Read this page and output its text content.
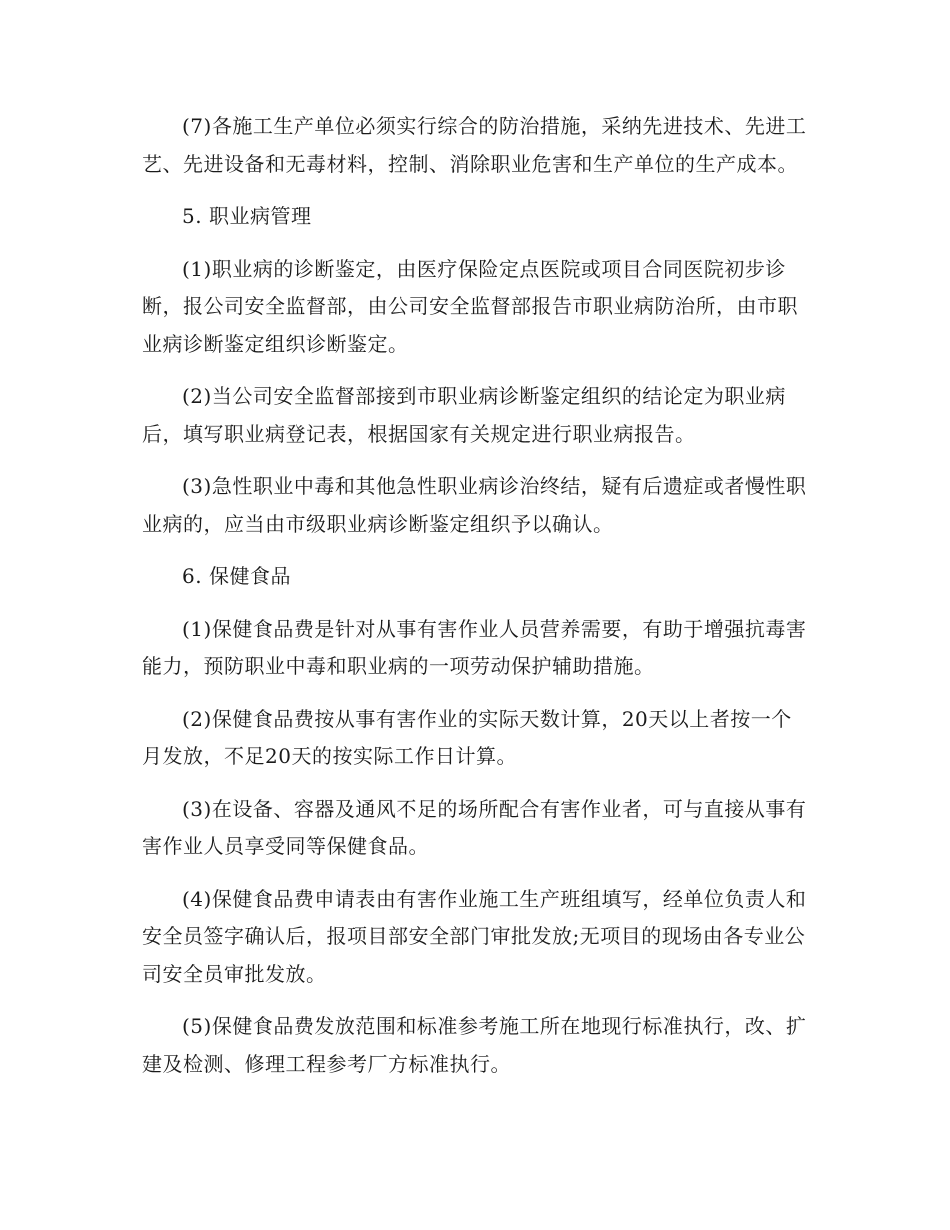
(7)各施工生产单位必须实行综合的防治措施，采纳先进技术、先进工艺、先进设备和无毒材料，控制、消除职业危害和生产单位的生产成本。

5. 职业病管理

(1)职业病的诊断鉴定，由医疗保险定点医院或项目合同医院初步诊断，报公司安全监督部，由公司安全监督部报告市职业病防治所，由市职业病诊断鉴定组织诊断鉴定。

(2)当公司安全监督部接到市职业病诊断鉴定组织的结论定为职业病后，填写职业病登记表，根据国家有关规定进行职业病报告。

(3)急性职业中毒和其他急性职业病诊治终结，疑有后遗症或者慢性职业病的，应当由市级职业病诊断鉴定组织予以确认。

6. 保健食品

(1)保健食品费是针对从事有害作业人员营养需要，有助于增强抗毒害能力，预防职业中毒和职业病的一项劳动保护辅助措施。

(2)保健食品费按从事有害作业的实际天数计算，20天以上者按一个月发放，不足20天的按实际工作日计算。

(3)在设备、容器及通风不足的场所配合有害作业者，可与直接从事有害作业人员享受同等保健食品。

(4)保健食品费申请表由有害作业施工生产班组填写，经单位负责人和安全员签字确认后，报项目部安全部门审批发放;无项目的现场由各专业公司安全员审批发放。

(5)保健食品费发放范围和标准参考施工所在地现行标准执行，改、扩建及检测、修理工程参考厂方标准执行。
